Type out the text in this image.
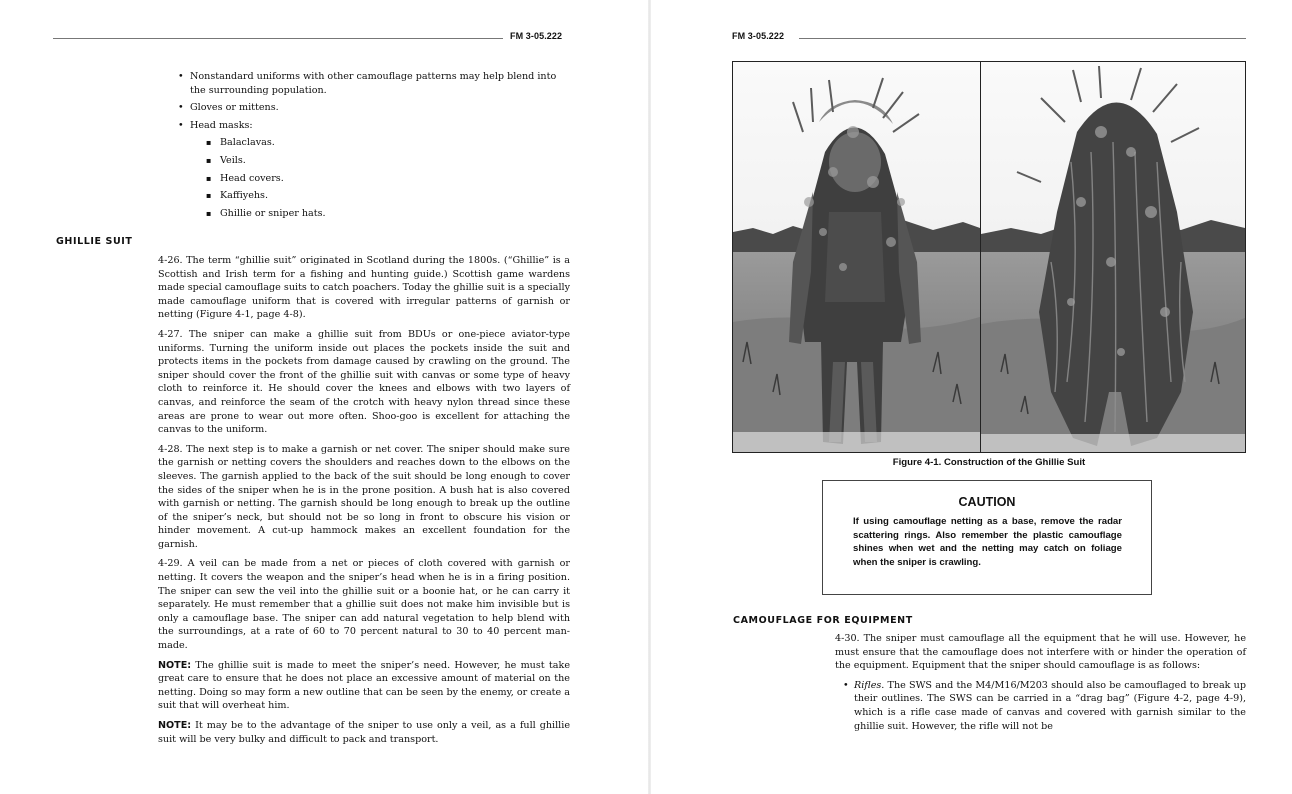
FM 3-05.222
• Nonstandard uniforms with other camouflage patterns may help blend into the surrounding population.
• Gloves or mittens.
• Head masks:
▪ Balaclavas.
▪ Veils.
▪ Head covers.
▪ Kaffiyehs.
▪ Ghillie or sniper hats.
GHILLIE SUIT

4-26. The term “ghillie suit” originated in Scotland during the 1800s. (“Ghillie” is a Scottish and Irish term for a fishing and hunting guide.) Scottish game wardens made special camouflage suits to catch poachers. Today the ghillie suit is a specially made camouflage uniform that is covered with irregular patterns of garnish or netting (Figure 4-1, page 4-8).

4-27. The sniper can make a ghillie suit from BDUs or one-piece aviator-type uniforms. Turning the uniform inside out places the pockets inside the suit and protects items in the pockets from damage caused by crawling on the ground. The sniper should cover the front of the ghillie suit with canvas or some type of heavy cloth to reinforce it. He should cover the knees and elbows with two layers of canvas, and reinforce the seam of the crotch with heavy nylon thread since these areas are prone to wear out more often. Shoo-goo is excellent for attaching the canvas to the uniform.

4-28. The next step is to make a garnish or net cover. The sniper should make sure the garnish or netting covers the shoulders and reaches down to the elbows on the sleeves. The garnish applied to the back of the suit should be long enough to cover the sides of the sniper when he is in the prone position. A bush hat is also covered with garnish or netting. The garnish should be long enough to break up the outline of the sniper’s neck, but should not be so long in front to obscure his vision or hinder movement. A cut-up hammock makes an excellent foundation for the garnish.

4-29. A veil can be made from a net or pieces of cloth covered with garnish or netting. It covers the weapon and the sniper’s head when he is in a firing position. The sniper can sew the veil into the ghillie suit or a boonie hat, or he can carry it separately. He must remember that a ghillie suit does not make him invisible but is only a camouflage base. The sniper can add natural vegetation to help blend with the surroundings, at a rate of 60 to 70 percent natural to 30 to 40 percent man-made.

NOTE: The ghillie suit is made to meet the sniper’s need. However, he must take great care to ensure that he does not place an excessive amount of material on the netting. Doing so may form a new outline that can be seen by the enemy, or create a suit that will overheat him.

NOTE: It may be to the advantage of the sniper to use only a veil, as a full ghillie suit will be very bulky and difficult to pack and transport.

FM 3-05.222
Figure 4-1. Construction of the Ghillie Suit
CAUTION
If using camouflage netting as a base, remove the radar scattering rings. Also remember the plastic camouflage shines when wet and the netting may catch on foliage when the sniper is crawling.
CAMOUFLAGE FOR EQUIPMENT

4-30. The sniper must camouflage all the equipment that he will use. However, he must ensure that the camouflage does not interfere with or hinder the operation of the equipment. Equipment that the sniper should camouflage is as follows:

• Rifles. The SWS and the M4/M16/M203 should also be camouflaged to break up their outlines. The SWS can be carried in a “drag bag” (Figure 4-2, page 4-9), which is a rifle case made of canvas and covered with garnish similar to the ghillie suit. However, the rifle will not be
